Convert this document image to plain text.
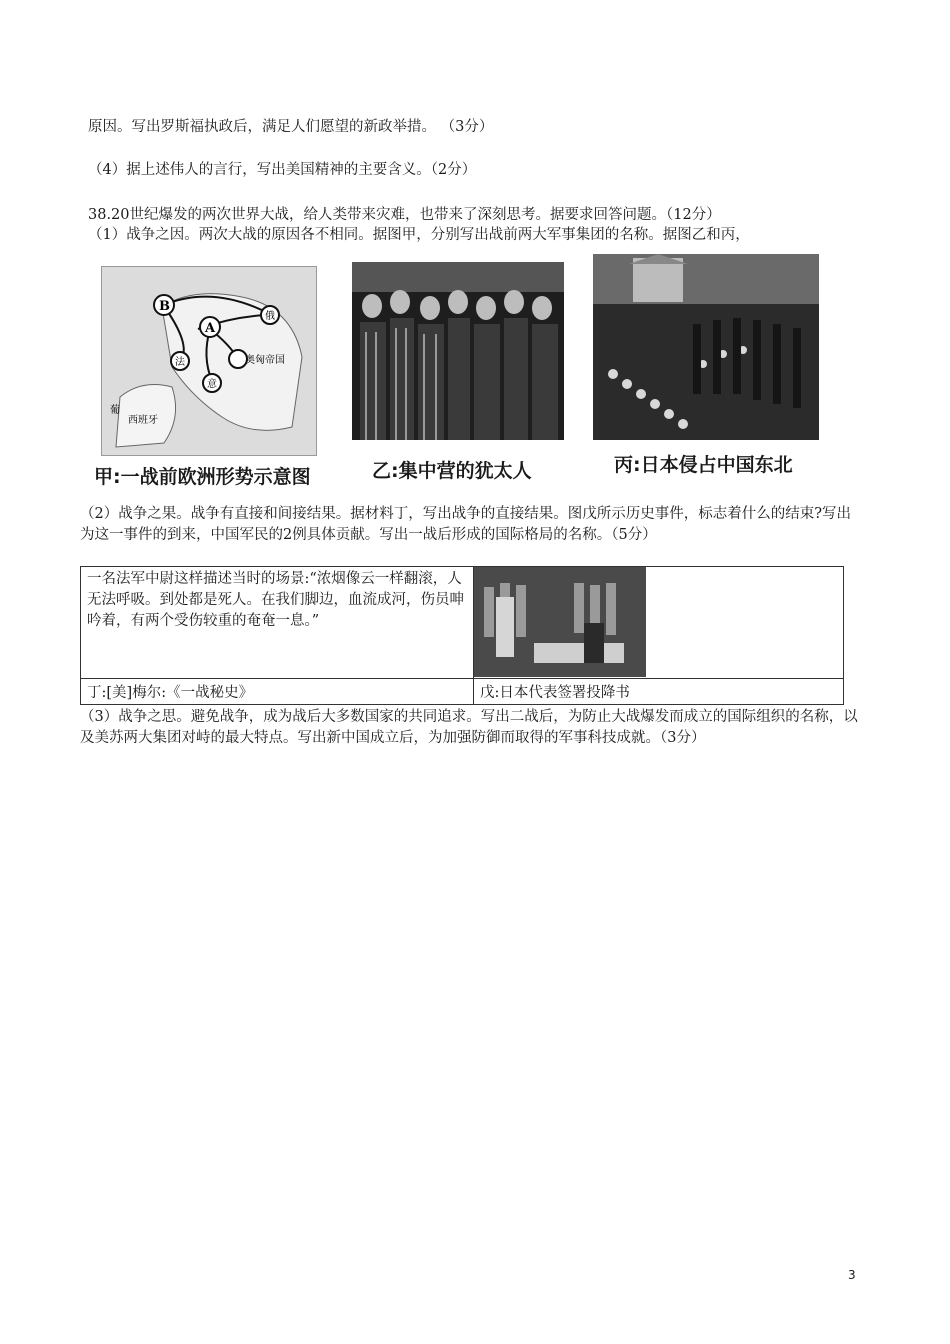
原因。写出罗斯福执政后，满足人们愿望的新政举措。 （3分）
（4）据上述伟人的言行，写出美国精神的主要含义。（2分）
38.20世纪爆发的两次世界大战，给人类带来灾难，也带来了深刻思考。据要求回答问题。（12分）
（1）战争之因。两次大战的原因各不相同。据图甲，分别写出战前两大军事集团的名称。据图乙和丙，
B
A
俄
法	奥匈帝国
意
西班牙
葡
甲:一战前欧洲形势示意图	乙:集中营的犹太人	丙:日本侵占中国东北
（2）战争之果。战争有直接和间接结果。据材料丁，写出战争的直接结果。图戊所示历史事件，标志着什么的结束?写出为这一事件的到来，中国军民的2例具体贡献。写出一战后形成的国际格局的名称。（5分）
一名法军中尉这样描述当时的场景:“浓烟像云一样翻滚，人无法呼吸。到处都是死人。在我们脚边，血流成河，伤员呻吟着，有两个受伤较重的奄奄一息。”	

丁:[美]梅尔:《一战秘史》	戊:日本代表签署投降书
（3）战争之思。避免战争，成为战后大多数国家的共同追求。写出二战后，为防止大战爆发而成立的国际组织的名称，以及美苏两大集团对峙的最大特点。写出新中国成立后，为加强防御而取得的军事科技成就。（3分）
3
